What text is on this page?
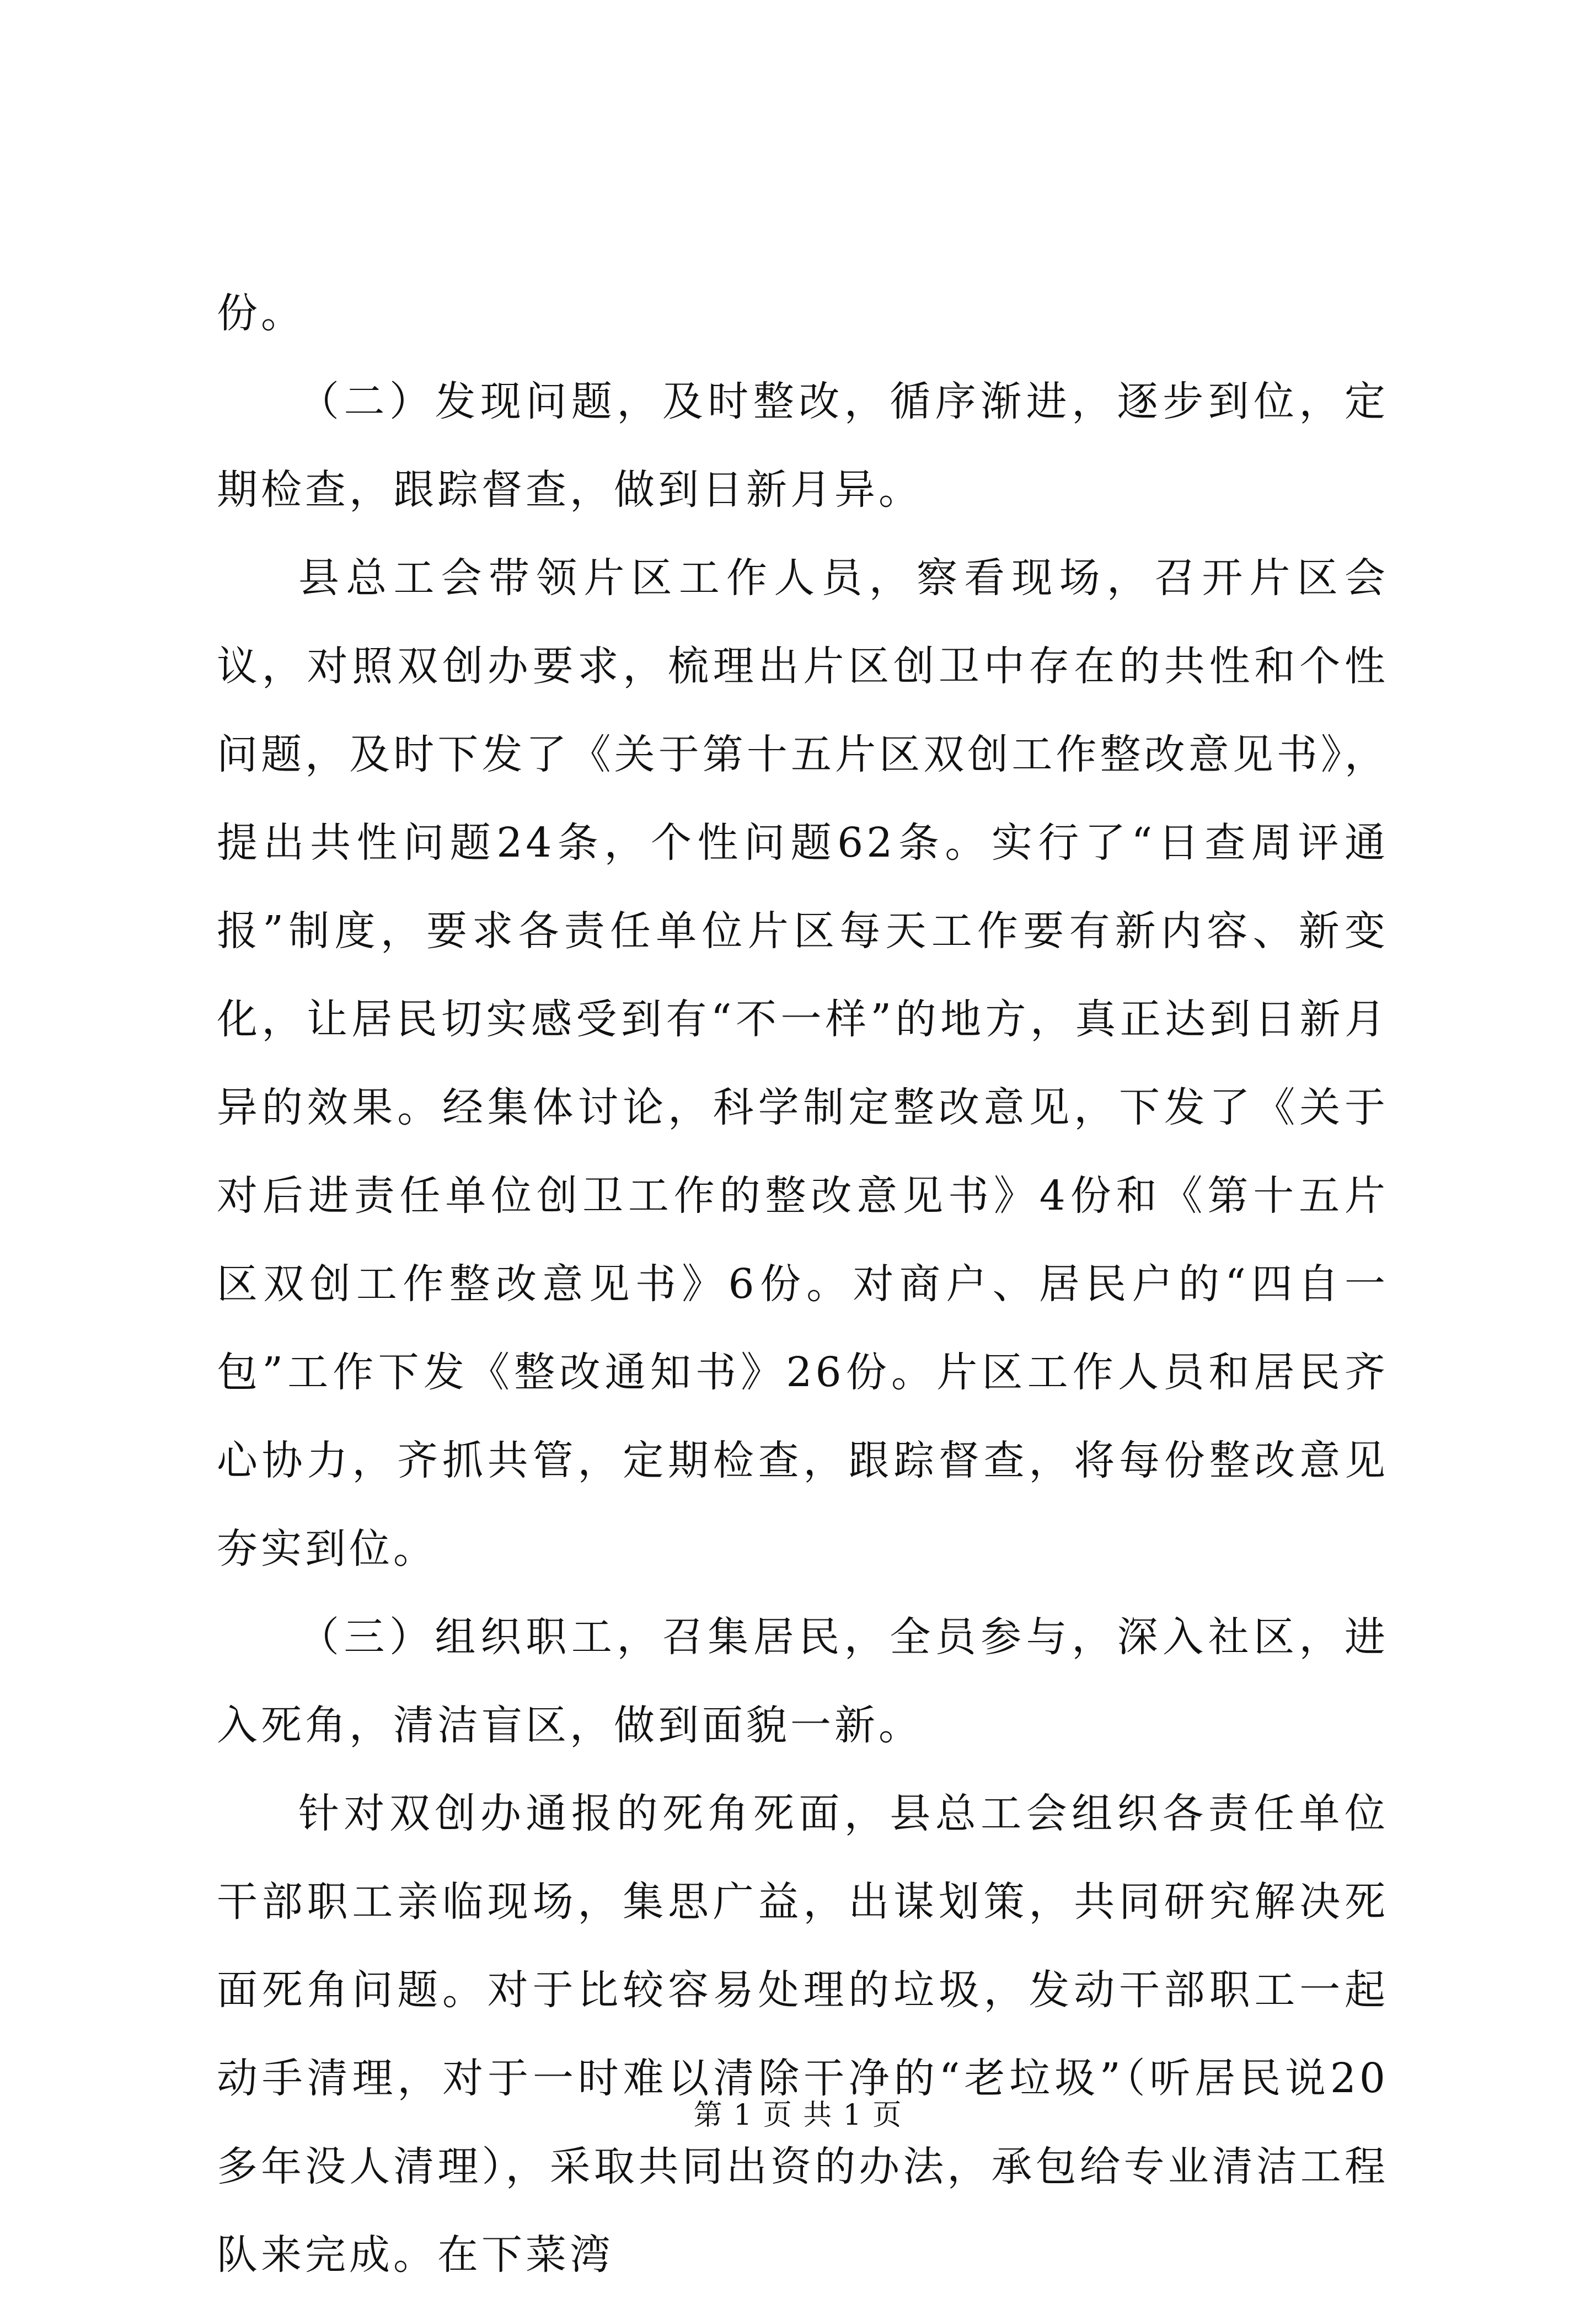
份。

（二）发现问题，及时整改，循序渐进，逐步到位，定期检查，跟踪督查，做到日新月异。

县总工会带领片区工作人员，察看现场，召开片区会议，对照双创办要求，梳理出片区创卫中存在的共性和个性问题，及时下发了《关于第十五片区双创工作整改意见书》，提出共性问题24条，个性问题62条。实行了“日查周评通报”制度，要求各责任单位片区每天工作要有新内容、新变化，让居民切实感受到有“不一样”的地方，真正达到日新月异的效果。经集体讨论，科学制定整改意见，下发了《关于对后进责任单位创卫工作的整改意见书》4份和《第十五片区双创工作整改意见书》6份。对商户、居民户的“四自一包”工作下发《整改通知书》26份。片区工作人员和居民齐心协力，齐抓共管，定期检查，跟踪督查，将每份整改意见夯实到位。

（三）组织职工，召集居民，全员参与，深入社区，进入死角，清洁盲区，做到面貌一新。

针对双创办通报的死角死面，县总工会组织各责任单位干部职工亲临现场，集思广益，出谋划策，共同研究解决死面死角问题。对于比较容易处理的垃圾，发动干部职工一起动手清理，对于一时难以清除干净的“老垃圾”（听居民说20多年没人清理），采取共同出资的办法，承包给专业清洁工程队来完成。在下菜湾

第 1 页 共 1 页
